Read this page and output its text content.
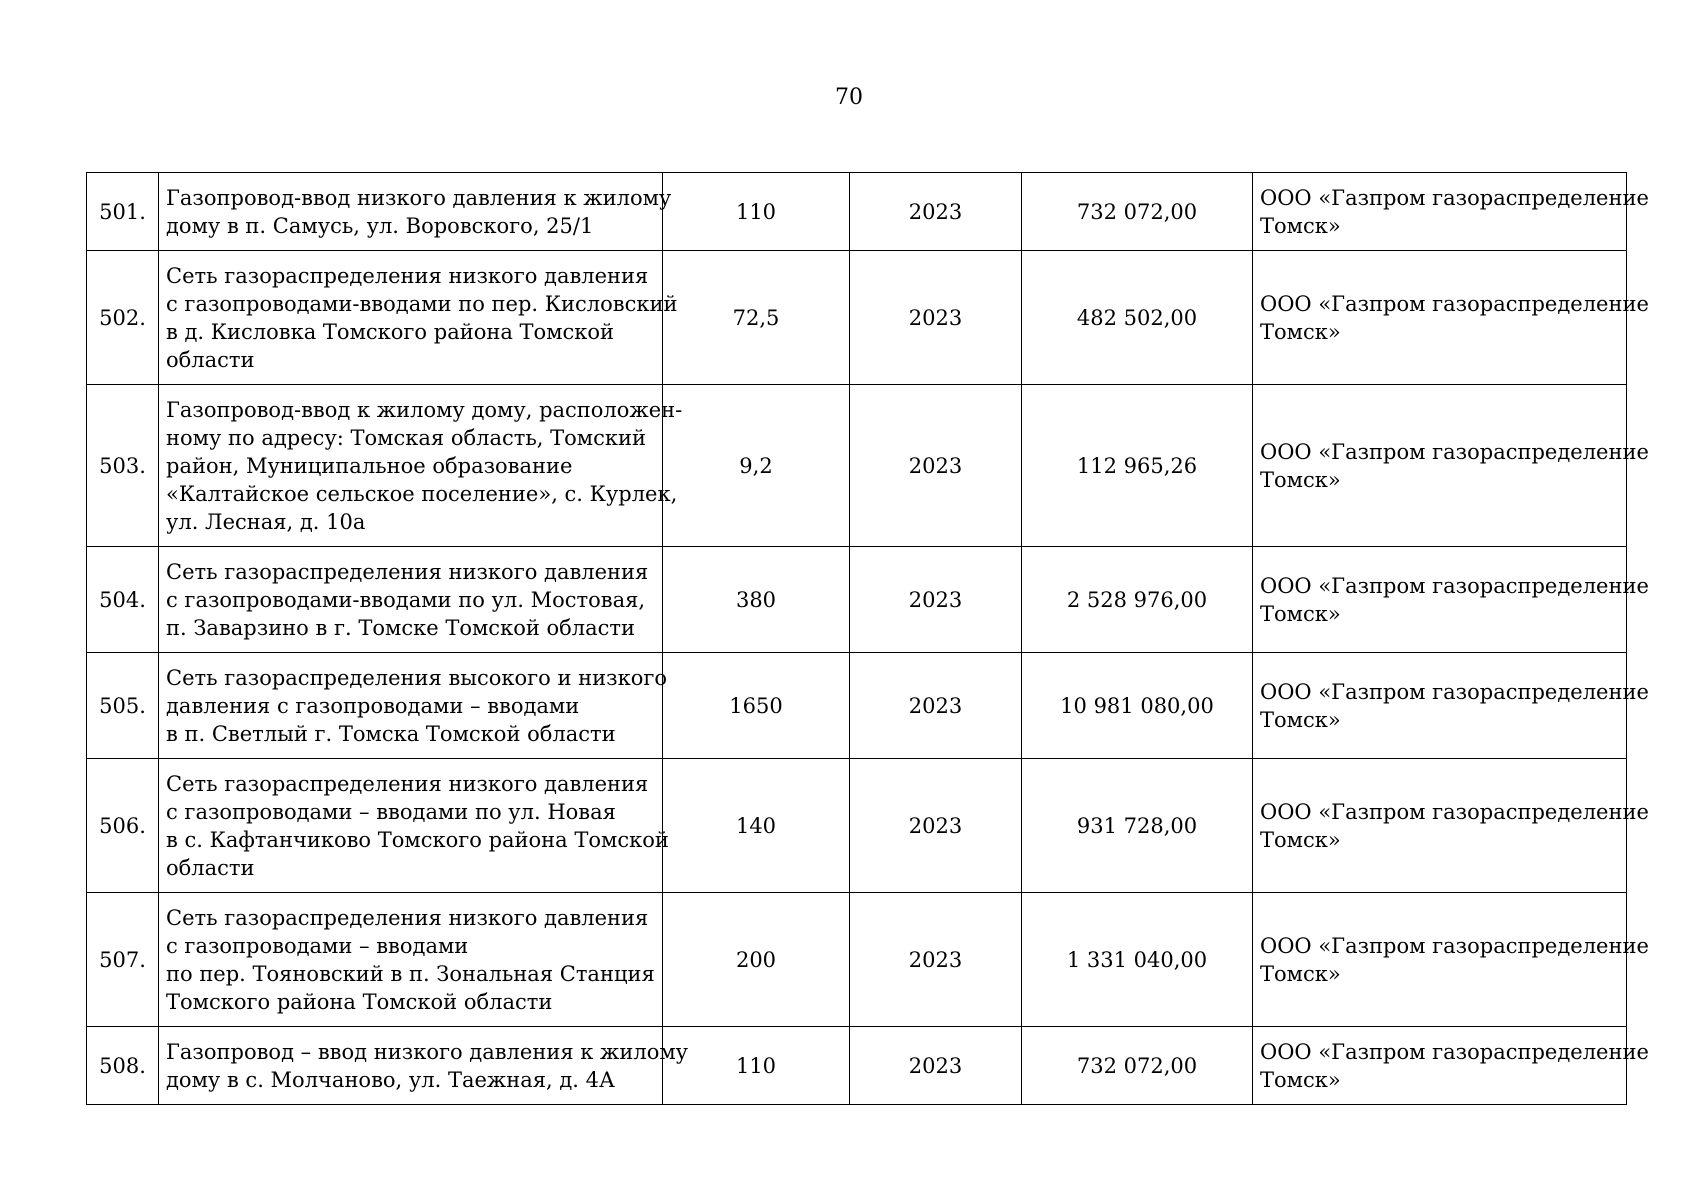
70
501.	Газопровод-ввод низкого давления к жилому
дому в п. Самусь, ул. Воровского, 25/1	110	2023	732 072,00	ООО «Газпром газораспределение
Томск»

502.	Сеть газораспределения низкого давления
с газопроводами-вводами по пер. Кисловский
в д. Кисловка Томского района Томской
области	72,5	2023	482 502,00	ООО «Газпром газораспределение
Томск»

503.	Газопровод-ввод к жилому дому, расположен-
ному по адресу: Томская область, Томский
район, Муниципальное образование
«Калтайское сельское поселение», с. Курлек,
ул. Лесная, д. 10а	9,2	2023	112 965,26	ООО «Газпром газораспределение
Томск»

504.	Сеть газораспределения низкого давления
с газопроводами-вводами по ул. Мостовая,
п. Заварзино в г. Томске Томской области	380	2023	2 528 976,00	ООО «Газпром газораспределение
Томск»

505.	Сеть газораспределения высокого и низкого
давления с газопроводами – вводами
в п. Светлый г. Томска Томской области	1650	2023	10 981 080,00	ООО «Газпром газораспределение
Томск»

506.	Сеть газораспределения низкого давления
с газопроводами – вводами по ул. Новая
в с. Кафтанчиково Томского района Томской
области	140	2023	931 728,00	ООО «Газпром газораспределение
Томск»

507.	Сеть газораспределения низкого давления
с газопроводами – вводами
по пер. Тояновский в п. Зональная Станция
Томского района Томской области	200	2023	1 331 040,00	ООО «Газпром газораспределение
Томск»

508.	Газопровод – ввод низкого давления к жилому
дому в с. Молчаново, ул. Таежная, д. 4А	110	2023	732 072,00	ООО «Газпром газораспределение
Томск»
